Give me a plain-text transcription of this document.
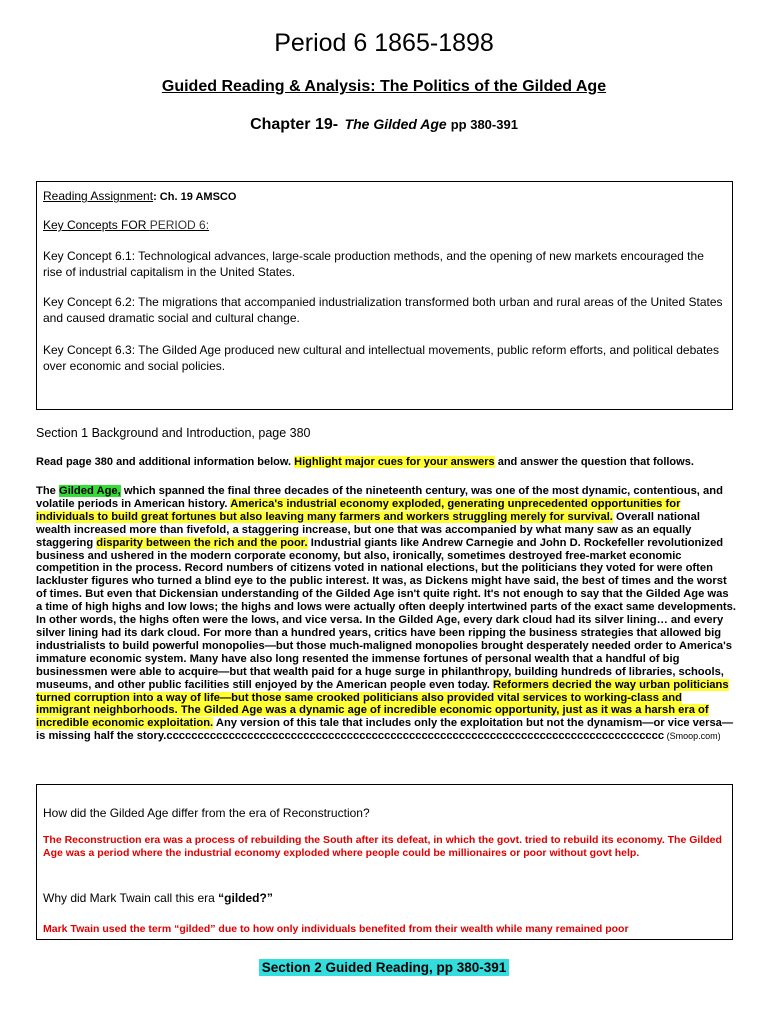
Period 6 1865-1898
Guided Reading & Analysis: The Politics of the Gilded Age
Chapter 19- The Gilded Age pp 380-391
Reading Assignment: Ch. 19 AMSCO
Key Concepts FOR PERIOD 6:
Key Concept 6.1: Technological advances, large-scale production methods, and the opening of new markets encouraged the rise of industrial capitalism in the United States.
Key Concept 6.2: The migrations that accompanied industrialization transformed both urban and rural areas of the United States and caused dramatic social and cultural change.
Key Concept 6.3: The Gilded Age produced new cultural and intellectual movements, public reform efforts, and political debates over economic and social policies.
Section 1 Background and Introduction, page 380
Read page 380 and additional information below. Highlight major cues for your answers and answer the question that follows.
The Gilded Age, which spanned the final three decades of the nineteenth century, was one of the most dynamic, contentious, and volatile periods in American history. America's industrial economy exploded, generating unprecedented opportunities for individuals to build great fortunes but also leaving many farmers and workers struggling merely for survival. Overall national wealth increased more than fivefold, a staggering increase, but one that was accompanied by what many saw as an equally staggering disparity between the rich and the poor. Industrial giants like Andrew Carnegie and John D. Rockefeller revolutionized business and ushered in the modern corporate economy, but also, ironically, sometimes destroyed free-market economic competition in the process. Record numbers of citizens voted in national elections, but the politicians they voted for were often lackluster figures who turned a blind eye to the public interest. It was, as Dickens might have said, the best of times and the worst of times. But even that Dickensian understanding of the Gilded Age isn't quite right. It's not enough to say that the Gilded Age was a time of high highs and low lows; the highs and lows were actually often deeply intertwined parts of the exact same developments. In other words, the highs often were the lows, and vice versa. In the Gilded Age, every dark cloud had its silver lining… and every silver lining had its dark cloud. For more than a hundred years, critics have been ripping the business strategies that allowed big industrialists to build powerful monopolies—but those much-maligned monopolies brought desperately needed order to America's immature economic system. Many have also long resented the immense fortunes of personal wealth that a handful of big businessmen were able to acquire—but that wealth paid for a huge surge in philanthropy, building hundreds of libraries, schools, museums, and other public facilities still enjoyed by the American people even today. Reformers decried the way urban politicians turned corruption into a way of life—but those same crooked politicians also provided vital services to working-class and immigrant neighborhoods. The Gilded Age was a dynamic age of incredible economic opportunity, just as it was a harsh era of incredible economic exploitation. Any version of this tale that includes only the exploitation but not the dynamism—or vice versa—is missing half the story.cccccccccccccccccccccccccccccccccccccccccccccccccccccccccccccccccccccccccccccccc (Smoop.com)
How did the Gilded Age differ from the era of Reconstruction?
The Reconstruction era was a process of rebuilding the South after its defeat, in which the govt. tried to rebuild its economy. The Gilded Age was a period where the industrial economy exploded where people could be millionaires or poor without govt help.
Why did Mark Twain call this era “gilded?”
Mark Twain used the term “gilded” due to how only individuals benefited from their wealth while many remained poor
Section 2 Guided Reading, pp 380-391
